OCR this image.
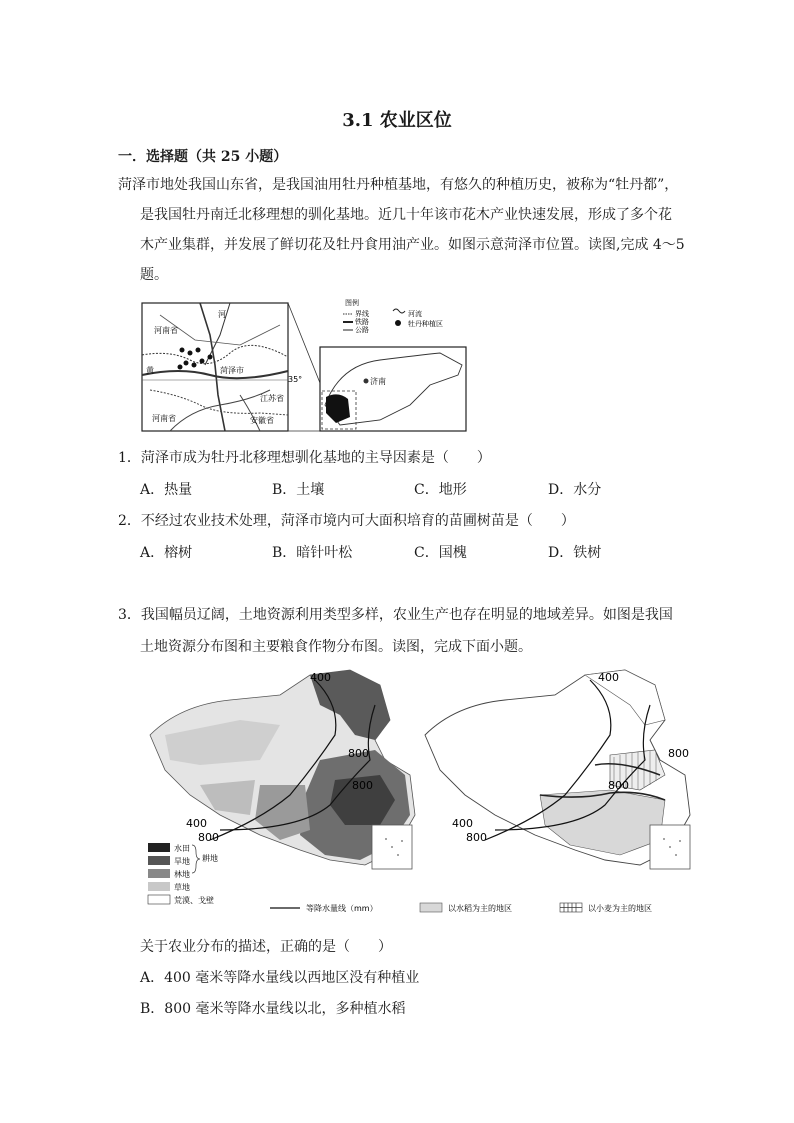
3.1 农业区位
一．选择题（共 25 小题）
菏泽市地处我国山东省，是我国油用牡丹种植基地，有悠久的种植历史，被称为“牡丹都”，
是我国牡丹南迁北移理想的驯化基地。近几十年该市花木产业快速发展，形成了多个花
木产业集群，并发展了鲜切花及牡丹食用油产业。如图示意菏泽市位置。读图,完成 4～5
题。
河南省
河
菏泽市
黄
35°
江苏省
河南省	安徽省
图例
界线
铁路
公路
河流
牡丹种植区
济南
1．菏泽市成为牡丹北移理想驯化基地的主导因素是（　　）
A．热量	B．土壤	C．地形	D．水分
2．不经过农业技术处理，菏泽市境内可大面积培育的苗圃树苗是（　　）
A．榕树	B．暗针叶松	C．国槐	D．铁树
3．我国幅员辽阔，土地资源利用类型多样，农业生产也存在明显的地域差异。如图是我国
土地资源分布图和主要粮食作物分布图。读图，完成下面小题。
400
800
800
400
800
水田
旱地 耕地
林地
草地
荒漠、戈壁
等降水量线（mm）	以水稻为主的地区	以小麦为主的地区
400
800
800
400
800
关于农业分布的描述，正确的是（　　）
A．400 毫米等降水量线以西地区没有种植业
B．800 毫米等降水量线以北，多种植水稻
